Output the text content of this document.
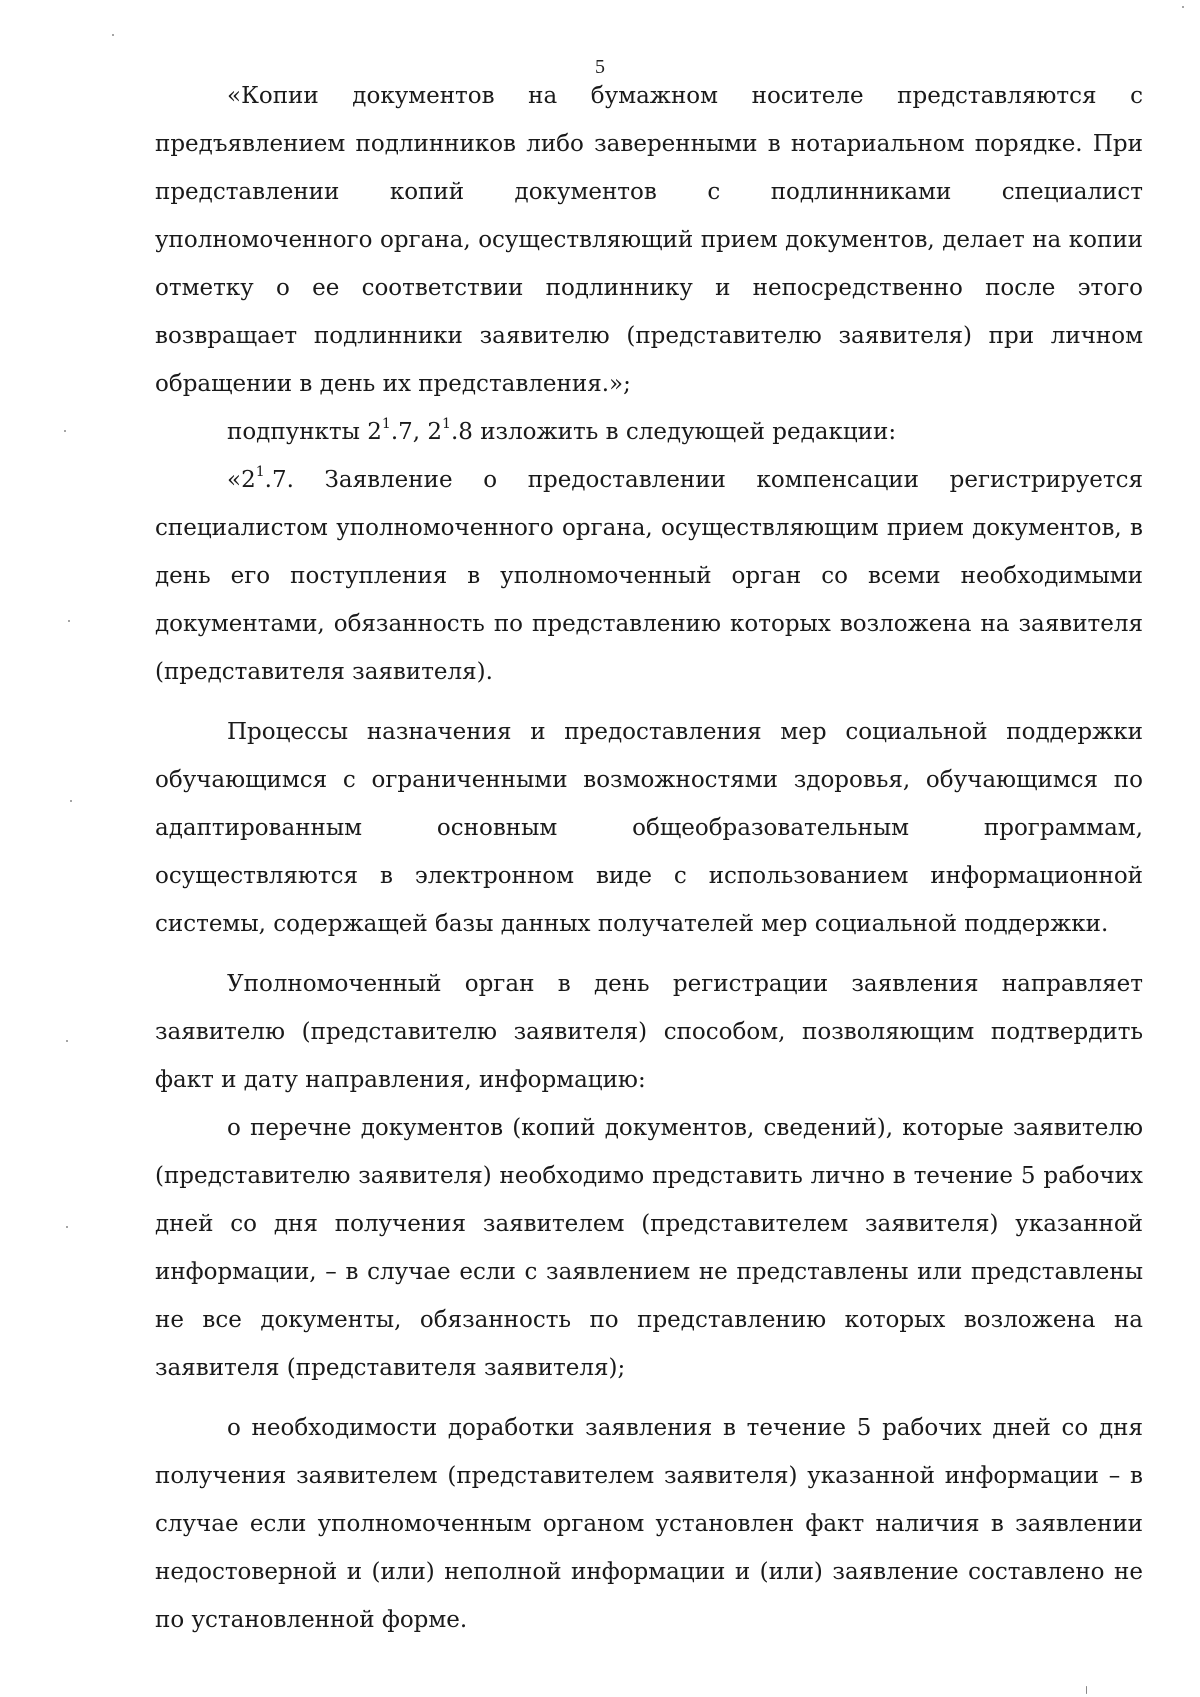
5

«Копии документов на бумажном носителе представляются с предъявлением подлинников либо заверенными в нотариальном порядке. При представлении копий документов с подлинниками специалист уполномоченного органа, осуществляющий прием документов, делает на копии отметку о ее соответствии подлиннику и непосредственно после этого возвращает подлинники заявителю (представителю заявителя) при личном обращении в день их представления.»;

подпункты $2^1.7$, $2^1.8$ изложить в следующей редакции:

«$2^1.7$. Заявление о предоставлении компенсации регистрируется специалистом уполномоченного органа, осуществляющим прием документов, в день его поступления в уполномоченный орган со всеми необходимыми документами, обязанность по представлению которых возложена на заявителя (представителя заявителя).

Процессы назначения и предоставления мер социальной поддержки обучающимся с ограниченными возможностями здоровья, обучающимся по адаптированным основным общеобразовательным программам, осуществляются в электронном виде с использованием информационной системы, содержащей базы данных получателей мер социальной поддержки.

Уполномоченный орган в день регистрации заявления направляет заявителю (представителю заявителя) способом, позволяющим подтвердить факт и дату направления, информацию:

о перечне документов (копий документов, сведений), которые заявителю (представителю заявителя) необходимо представить лично в течение 5 рабочих дней со дня получения заявителем (представителем заявителя) указанной информации, – в случае если с заявлением не представлены или представлены не все документы, обязанность по представлению которых возложена на заявителя (представителя заявителя);

о необходимости доработки заявления в течение 5 рабочих дней со дня получения заявителем (представителем заявителя) указанной информации – в случае если уполномоченным органом установлен факт наличия в заявлении недостоверной и (или) неполной информации и (или) заявление составлено не по установленной форме.
